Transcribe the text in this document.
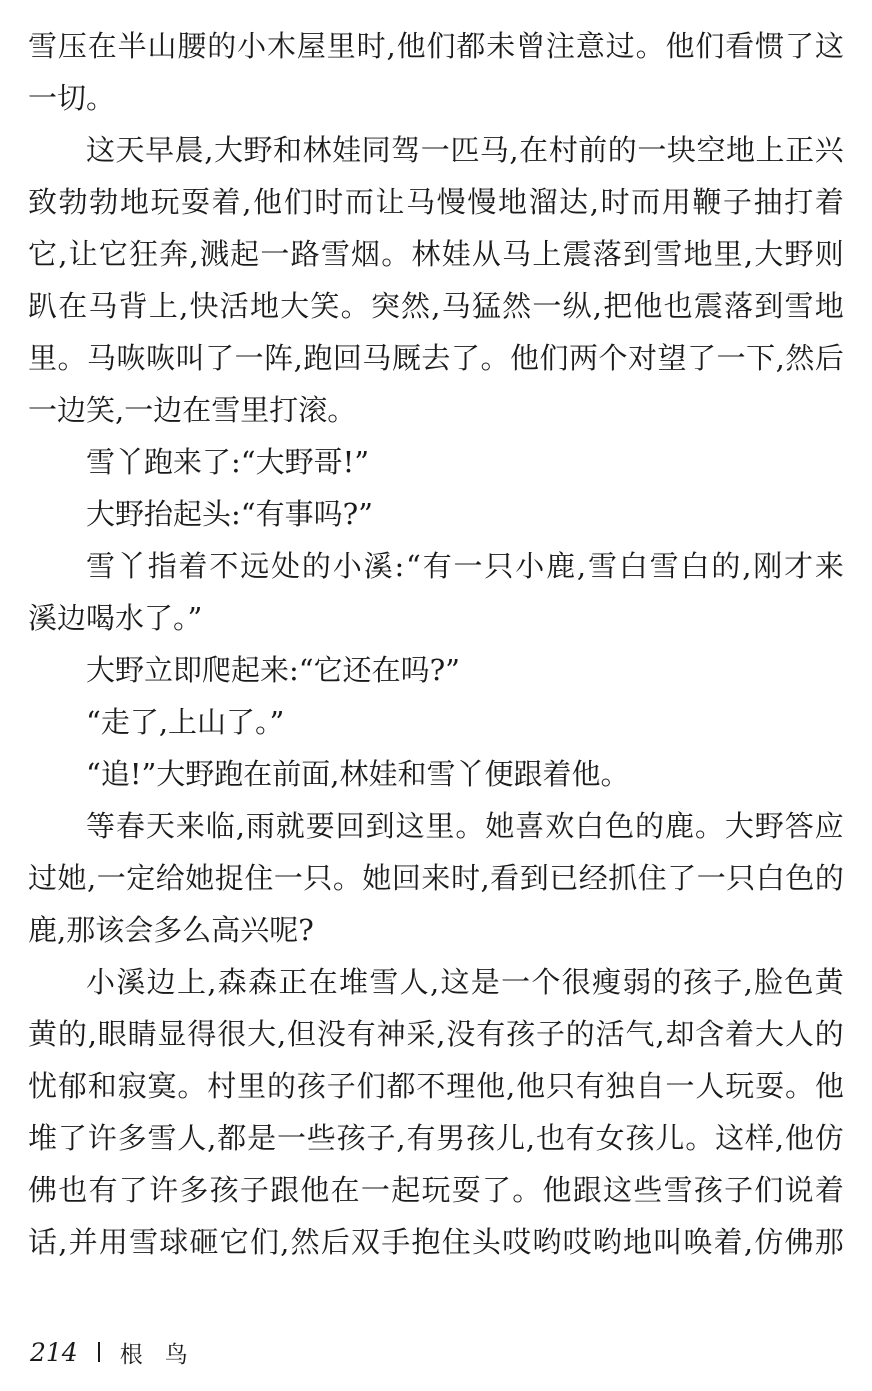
雪 压 在 半 山 腰 的 小 木 屋 里 时 , 他 们 都 未 曾 注 意 过 。 他 们 看 惯 了 这
一切。
这 天 早 晨 , 大 野 和 林 娃 同 驾 一 匹 马 , 在 村 前 的 一 块 空 地 上 正 兴
致 勃 勃 地 玩 耍 着 , 他 们 时 而 让 马 慢 慢 地 溜 达 , 时 而 用 鞭 子 抽 打 着
它 , 让 它 狂 奔 , 溅 起 一 路 雪 烟 。 林 娃 从 马 上 震 落 到 雪 地 里 , 大 野 则
趴 在 马 背 上 , 快 活 地 大 笑 。 突 然 , 马 猛 然 一 纵 , 把 他 也 震 落 到 雪 地
里 。 马 咴 咴 叫 了 一 阵 , 跑 回 马 厩 去 了 。 他 们 两 个 对 望 了 一 下 , 然 后
一边笑,一边在雪里打滚。
雪丫跑来了:“大野哥!”
大野抬起头:“有事吗?”
雪 丫 指 着 不 远 处 的 小 溪 : “ 有 一 只 小 鹿 , 雪 白 雪 白 的 , 刚 才 来
溪边喝水了。”
大野立即爬起来:“它还在吗?”
“走了,上山了。”
“追!”大野跑在前面,林娃和雪丫便跟着他。
等 春 天 来 临 , 雨 就 要 回 到 这 里 。 她 喜 欢 白 色 的 鹿 。 大 野 答 应
过 她 , 一 定 给 她 捉 住 一 只 。 她 回 来 时 , 看 到 已 经 抓 住 了 一 只 白 色 的
鹿,那该会多么高兴呢?
小 溪 边 上 , 森 森 正 在 堆 雪 人 , 这 是 一 个 很 瘦 弱 的 孩 子 , 脸 色 黄
黄 的 , 眼 睛 显 得 很 大 , 但 没 有 神 采 , 没 有 孩 子 的 活 气 , 却 含 着 大 人 的
忧 郁 和 寂 寞 。 村 里 的 孩 子 们 都 不 理 他 , 他 只 有 独 自 一 人 玩 耍 。 他
堆 了 许 多 雪 人 , 都 是 一 些 孩 子 , 有 男 孩 儿 , 也 有 女 孩 儿 。 这 样 , 他 仿
佛 也 有 了 许 多 孩 子 跟 他 在 一 起 玩 耍 了 。 他 跟 这 些 雪 孩 子 们 说 着
话 , 并 用 雪 球 砸 它 们 , 然 后 双 手 抱 住 头 哎 哟 哎 哟 地 叫 唤 着 , 仿 佛 那
214 根鸟
